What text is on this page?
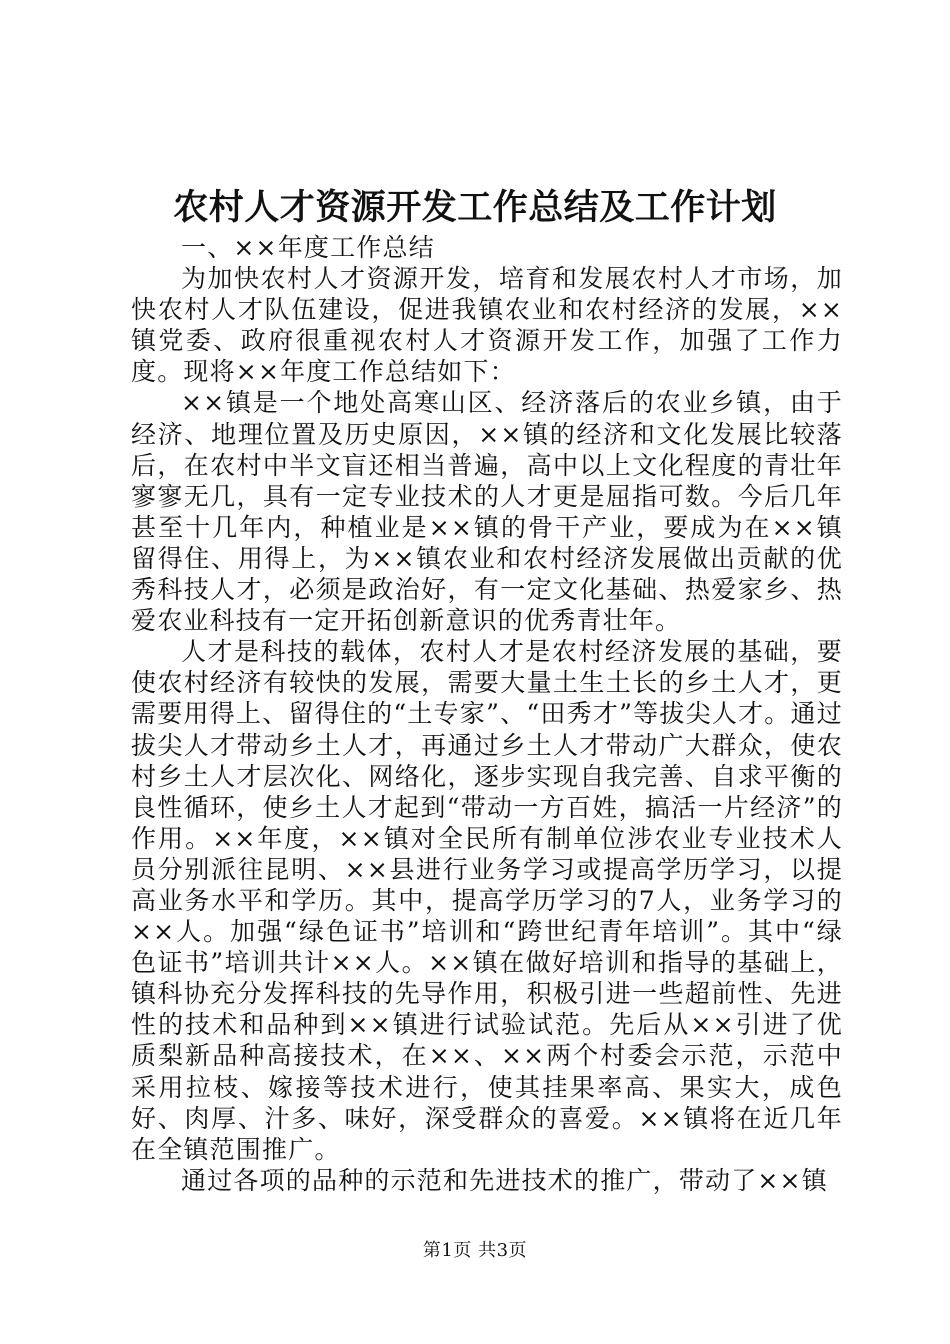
农村人才资源开发工作总结及工作计划

一、××年度工作总结

为加快农村人才资源开发，培育和发展农村人才市场，加快农村人才队伍建设，促进我镇农业和农村经济的发展，××镇党委、政府很重视农村人才资源开发工作，加强了工作力度。现将××年度工作总结如下：

××镇是一个地处高寒山区、经济落后的农业乡镇，由于经济、地理位置及历史原因，××镇的经济和文化发展比较落后，在农村中半文盲还相当普遍，高中以上文化程度的青壮年寥寥无几，具有一定专业技术的人才更是屈指可数。今后几年甚至十几年内，种植业是××镇的骨干产业，要成为在××镇留得住、用得上，为××镇农业和农村经济发展做出贡献的优秀科技人才，必须是政治好，有一定文化基础、热爱家乡、热爱农业科技有一定开拓创新意识的优秀青壮年。

人才是科技的载体，农村人才是农村经济发展的基础，要使农村经济有较快的发展，需要大量土生土长的乡土人才，更需要用得上、留得住的“土专家”、“田秀才”等拔尖人才。通过拔尖人才带动乡土人才，再通过乡土人才带动广大群众，使农村乡土人才层次化、网络化，逐步实现自我完善、自求平衡的良性循环，使乡土人才起到“带动一方百姓，搞活一片经济”的作用。××年度，××镇对全民所有制单位涉农业专业技术人员分别派往昆明、××县进行业务学习或提高学历学习，以提高业务水平和学历。其中，提高学历学习的7人，业务学习的××人。加强“绿色证书”培训和“跨世纪青年培训”。其中“绿色证书”培训共计××人。××镇在做好培训和指导的基础上，镇科协充分发挥科技的先导作用，积极引进一些超前性、先进性的技术和品种到××镇进行试验试范。先后从××引进了优质梨新品种高接技术，在××、××两个村委会示范，示范中采用拉枝、嫁接等技术进行，使其挂果率高、果实大，成色好、肉厚、汁多、味好，深受群众的喜爱。××镇将在近几年在全镇范围推广。

通过各项的品种的示范和先进技术的推广，带动了××镇

第1页 共3页
